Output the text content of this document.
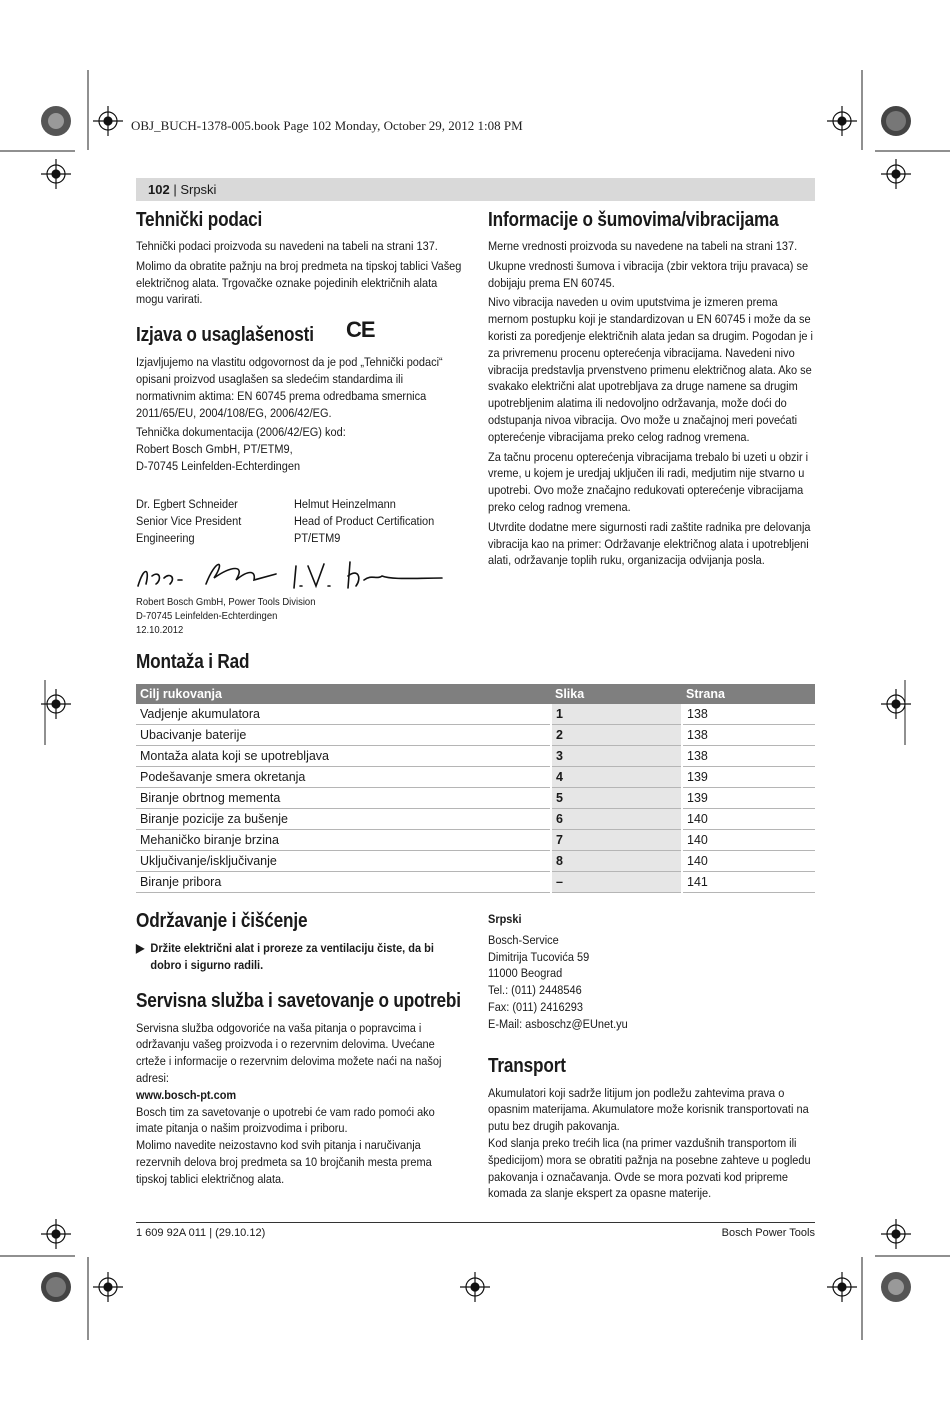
OBJ_BUCH-1378-005.book Page 102 Monday, October 29, 2012 1:08 PM
102 | Srpski
Tehnički podaci

Tehnički podaci proizvoda su navedeni na tabeli na strani 137.

Molimo da obratite pažnju na broj predmeta na tipskoj tablici Vašeg električnog alata. Trgovačke oznake pojedinih električnih alata mogu varirati.

Izjava o usaglašenosti	CE

Izjavljujemo na vlastitu odgovornost da je pod „Tehnički podaci“ opisani proizvod usaglašen sa sledećim standardima ili normativnim aktima: EN 60745 prema odredbama smernica 2011/65/EU, 2004/108/EG, 2006/42/EG.

Tehnička dokumentacija (2006/42/EG) kod:
Robert Bosch GmbH, PT/ETM9,
D-70745 Leinfelden-Echterdingen
Dr. Egbert Schneider
Senior Vice President
Engineering
Helmut Heinzelmann
Head of Product Certification
PT/ETM9
Robert Bosch GmbH, Power Tools Division
D-70745 Leinfelden-Echterdingen
12.10.2012
Informacije o šumovima/vibracijama

Merne vrednosti proizvoda su navedene na tabeli na strani 137.

Ukupne vrednosti šumova i vibracija (zbir vektora triju pravaca) se dobijaju prema EN 60745.

Nivo vibracija naveden u ovim uputstvima je izmeren prema mernom postupku koji je standardizovan u EN 60745 i može da se koristi za poredjenje električnih alata jedan sa drugim. Pogodan je i za privremenu procenu opterećenja vibracijama. Navedeni nivo vibracija predstavlja prvenstveno primenu električnog alata. Ako se svakako električni alat upotrebljava za druge namene sa drugim upotrebljenim alatima ili nedovoljno održavanja, može doći do odstupanja nivoa vibracija. Ovo može u značajnoj meri povećati opterećenje vibracijama preko celog radnog vremena.

Za tačnu procenu opterećenja vibracijama trebalo bi uzeti u obzir i vreme, u kojem je uredjaj uključen ili radi, medjutim nije stvarno u upotrebi. Ovo može značajno redukovati opterećenje vibracijama preko celog radnog vremena.

Utvrdite dodatne mere sigurnosti radi zaštite radnika pre delovanja vibracija kao na primer: Održavanje električnog alata i upotrebljeni alati, održavanje toplih ruku, organizacija odvijanja posla.

Montaža i Rad
Cilj rukovanja	Slika	Strana
Vadjenje akumulatora	1	138
Ubacivanje baterije	2	138
Montaža alata koji se upotrebljava	3	138
Podešavanje smera okretanja	4	139
Biranje obrtnog mementa	5	139
Biranje pozicije za bušenje	6	140
Mehaničko biranje brzina	7	140
Uključivanje/isključivanje	8	140
Biranje pribora	–	141
Održavanje i čišćenje
▶ Držite električni alat i proreze za ventilaciju čiste, da bi dobro i sigurno radili.
Servisna služba i savetovanje o upotrebi

Servisna služba odgovoriće na vaša pitanja o popravcima i održavanju vašeg proizvoda i o rezervnim delovima. Uvećane crteže i informacije o rezervnim delovima možete naći na našoj adresi:

www.bosch-pt.com

Bosch tim za savetovanje o upotrebi će vam rado pomoći ako imate pitanja o našim proizvodima i priboru.

Molimo navedite neizostavno kod svih pitanja i naručivanja rezervnih delova broj predmeta sa 10 brojčanih mesta prema tipskoj tablici električnog alata.

Srpski
Bosch-Service
Dimitrija Tucovića 59
11000 Beograd
Tel.: (011) 2448546
Fax: (011) 2416293
E-Mail: asboschz@EUnet.yu
Transport

Akumulatori koji sadrže litijum jon podležu zahtevima prava o opasnim materijama. Akumulatore može korisnik transportovati na putu bez drugih pakovanja.

Kod slanja preko trećih lica (na primer vazdušnih transportom ili špedicijom) mora se obratiti pažnja na posebne zahteve u pogledu pakovanja i označavanja. Ovde se mora pozvati kod pripreme komada za slanje ekspert za opasne materije.

1 609 92A 011 | (29.10.12)	Bosch Power Tools
